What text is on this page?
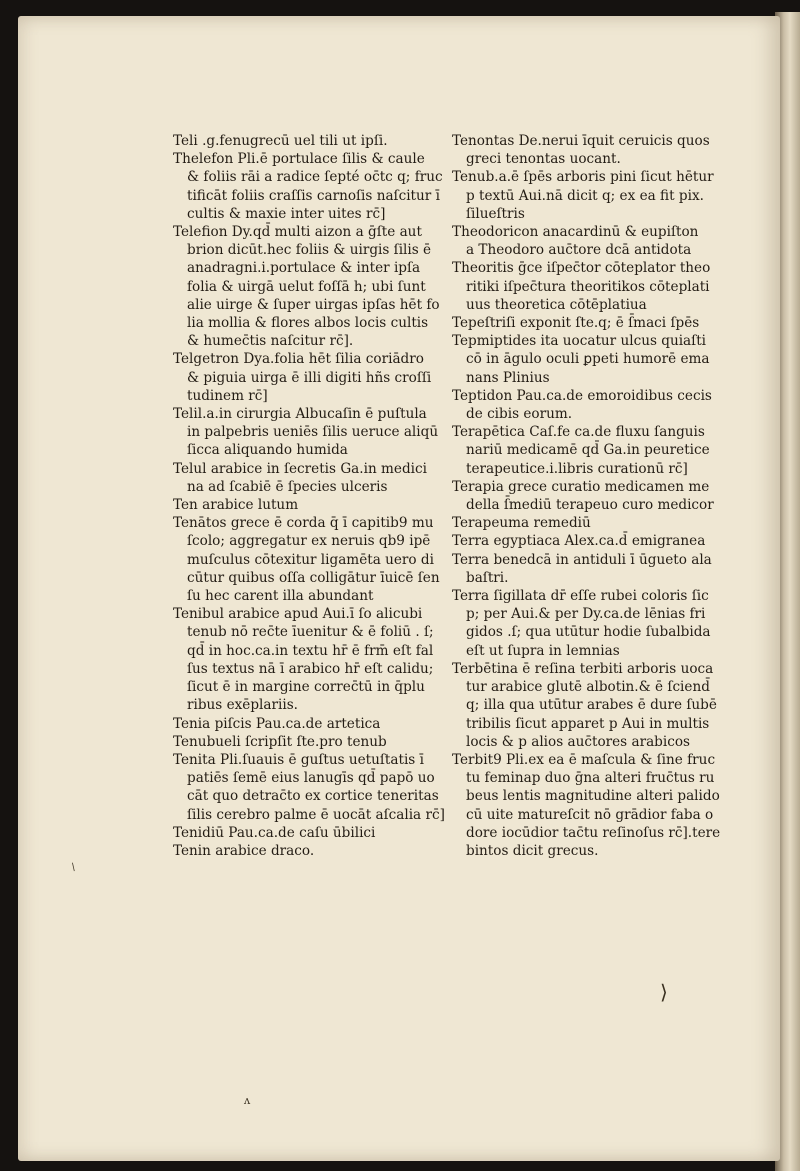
Teli .g.fenugrecū uel tili ut ipſi.
Thelefon Pli.ē portulace ſilis & caule
& foliis rāi a radice ſepté oc̄tc q; fruc
tificāt foliis craſſis carnoſis naſcitur ī
cultis & maxie inter uites rc̄]
Telefion Dy.qd̄ multi aizon a ḡſte aut
brion dicūt.hec foliis & uirgis ſilis ē
anadragni.i.portulace & inter ipſa
folia & uirgā uelut foſſā h; ubi ſunt
alie uirge & ſuper uirgas ipſas hēt fo
lia mollia & flores albos locis cultis
& humec̄tis naſcitur rc̄].
Telgetron Dya.folia hēt ſilia coriādro
& piguia uirga ē illi digiti hñs croſſi
tudinem rc̄]
Telil.a.in cirurgia Albucaſin ē puſtula
in palpebris ueniēs ſilis ueruce aliqū
ſicca aliquando humida
Telul arabice in ſecretis Ga.in medici
na ad ſcabiē ē ſpecies ulceris
Ten arabice lutum
Tenātos grece ē corda q̄ ī capitib9 mu
ſcolo; aggregatur ex neruis qb9 ipē
muſculus cōtexitur ligamēta uero di
cūtur quibus oſſa colligātur īuicē ſen
ſu hec carent illa abundant
Tenibul arabice apud Aui.ī ſo alicubi
tenub nō rec̄te īuenitur & ē foliū . ſ;
qd̄ in hoc.ca.in textu hr̄ ē frm̄ eſt fal
ſus textus nā ī arabico hr̄ eſt calidu;
ſicut ē in margine correc̄tū in q̄plu
ribus exēplariis.
Tenia piſcis Pau.ca.de artetica
Tenubueli ſcripſit ſte.pro tenub
Tenita Pli.ſuauis ē guſtus uetuſtatis ī
patiēs ſemē eius lanugīs qd̄ papō uo
cāt quo detrac̄to ex cortice teneritas
ſilis cerebro palme ē uocāt aſcalia rc̄]
Tenidiū Pau.ca.de caſu ūbilici
Tenin arabice draco.
Tenontas De.nerui īquit ceruicis quos
greci tenontas uocant.
Tenub.a.ē ſpēs arboris pini ſicut hētur
p textū Aui.nā dicit q; ex ea fit pix.
ſilueſtris
Theodoricon anacardinū & eupiſton
a Theodoro auc̄tore dcā antidota
Theoritis ḡce iſpec̄tor cōteplator theo
ritiki iſpec̄tura theoritikos cōteplati
uus theoretica cōtēplatiua
Tepeſtriſi exponit ſte.q; ē ſ̄maci ſpēs
Tepmiptides ita uocatur ulcus quiaſti
cō in āgulo oculi ꝑpeti humorē ema
nans Plinius
Teptidon Pau.ca.de emoroidibus cecis
de cibis eorum.
Terapētica Caſ.fe ca.de fluxu ſanguis
nariū medicamē qd̄ Ga.in peuretice
terapeutice.i.libris curationū rc̄]
Terapia grece curatio medicamen me
della ſ̄mediū terapeuo curo medicor
Terapeuma remediū
Terra egyptiaca Alex.ca.d̄ emigranea
Terra benedcā in antiduli ī ūgueto ala
baſtri.
Terra ſigillata dr̄ eſſe rubei coloris ſic
p; per Aui.& per Dy.ca.de lēnias fri
gidos .ſ; qua utūtur hodie ſubalbida
eſt ut ſupra in lemnias
Terbētina ē reſina terbiti arboris uoca
tur arabice glutē albotin.& ē ſciend̄
q; illa qua utūtur arabes ē dure ſubē
tribilis ſicut apparet p Aui in multis
locis & p alios auc̄tores arabicos
Terbit9 Pli.ex ea ē maſcula & ſine fruc
tu feminap duo ḡna alteri fruc̄tus ru
beus lentis magnitudine alteri palido
cū uite matureſcit nō grādior faba o
dore iocūdior tac̄tu reſinoſus rc̄].tere
bintos dicit grecus.
⟩
ʌ
/
